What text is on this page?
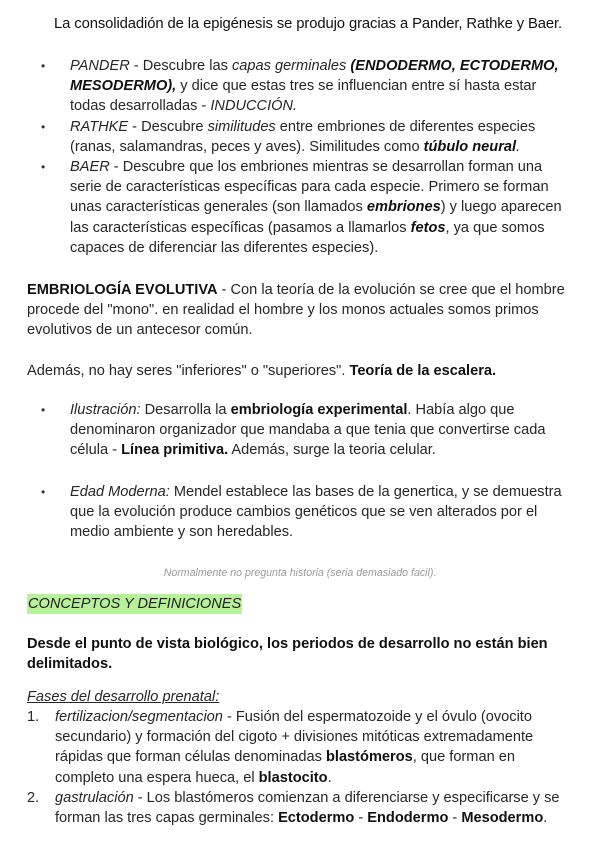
La consolidadión de la epigénesis se produjo gracias a Pander, Rathke y Baer.
• PANDER - Descubre las capas germinales (ENDODERMO, ECTODERMO, MESODERMO), y dice que estas tres se influencian entre sí hasta estar todas desarrolladas - INDUCCIÓN.
• RATHKE - Descubre similitudes entre embriones de diferentes especies (ranas, salamandras, peces y aves). Similitudes como túbulo neural.
• BAER - Descubre que los embriones mientras se desarrollan forman una serie de características específicas para cada especie. Primero se forman unas características generales (son llamados embriones) y luego aparecen las características específicas (pasamos a llamarlos fetos, ya que somos capaces de diferenciar las diferentes especies).

EMBRIOLOGÍA EVOLUTIVA - Con la teoría de la evolución se cree que el hombre procede del "mono". en realidad el hombre y los monos actuales somos primos evolutivos de un antecesor común.

Además, no hay seres "inferiores" o "superiores". Teoría de la escalera.

• Ilustración: Desarrolla la embriología experimental. Había algo que denominaron organizador que mandaba a que tenia que convertirse cada célula - Línea primitiva. Además, surge la teoria celular.
• Edad Moderna: Mendel establece las bases de la genertica, y se demuestra que la evolución produce cambios genéticos que se ven alterados por el medio ambiente y son heredables.
Normalmente no pregunta historia (seria demasiado facil).
CONCEPTOS Y DEFINICIONES

Desde el punto de vista biológico, los periodos de desarrollo no están bien delimitados.

Fases del desarrollo prenatal:
1. fertilizacion/segmentacion - Fusión del espermatozoide y el óvulo (ovocito secundario) y formación del cigoto + divisiones mitóticas extremadamente rápidas que forman células denominadas blastómeros, que forman en completo una espera hueca, el blastocito.
2. gastrulación - Los blastómeros comienzan a diferenciarse y especificarse y se forman las tres capas germinales: Ectodermo - Endodermo - Mesodermo.
